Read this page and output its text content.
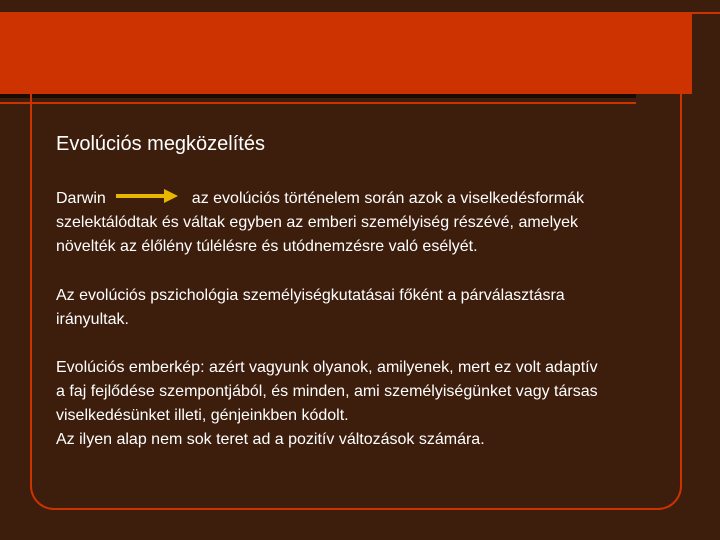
Evolúciós megközelítés

Darwin	az evolúciós történelem során azok a viselkedésformák
szelektálódtak és váltak egyben az emberi személyiség részévé, amelyek
növelték az élőlény túlélésre és utódnemzésre való esélyét.

Az evolúciós pszichológia személyiségkutatásai főként a párválasztásra
irányultak.

Evolúciós emberkép: azért vagyunk olyanok, amilyenek, mert ez volt adaptív
a faj fejlődése szempontjából, és minden, ami személyiségünket vagy társas
viselkedésünket illeti, génjeinkben kódolt.
Az ilyen alap nem sok teret ad a pozitív változások számára.
